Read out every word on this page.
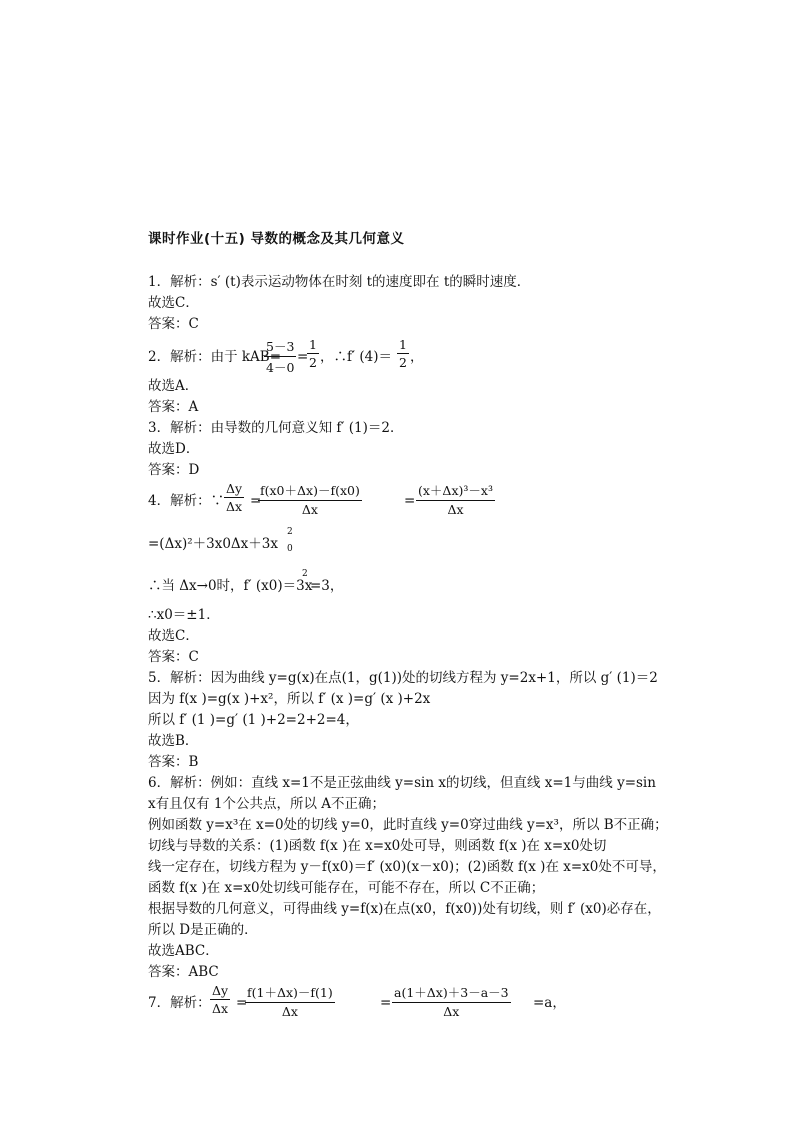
课时作业(十五) 导数的概念及其几何意义
1．解析：s′ (t)表示运动物体在时刻 t的速度即在 t的瞬时速度．
故选C．
答案：C
2．解析：由于 kAB=
5－3
4－0
=
1
2 ，∴f′ (4)＝
1
2 ，
故选A．
答案：A
3．解析：由导数的几何意义知 f′ (1)＝2．
故选D．
答案：D
4．解析：∵
Δy
Δx =
f(x0＋Δx)－f(x0)
Δx
=
(x＋Δx)³－x³
Δx
=(Δx)²＋3x0Δx＋3x
2
0
∴当 Δx→0时，f′ (x0)＝3x
2
=3，
∴x0＝±1．
故选C．
答案：C
5．解析：因为曲线 y=g(x)在点(1，g(1))处的切线方程为 y=2x+1，所以 g′ (1)＝2
因为 f(x )=g(x )+x²，所以 f′ (x )=g′ (x )+2x
所以 f′ (1 )=g′ (1 )+2=2+2=4，
故选B．
答案：B
6．解析：例如：直线 x=1不是正弦曲线 y=sin x的切线，但直线 x=1与曲线 y=sin
x有且仅有 1个公共点，所以 A不正确；
例如函数 y=x³在 x=0处的切线 y=0，此时直线 y=0穿过曲线 y=x³，所以 B不正确；
切线与导数的关系：(1)函数 f(x )在 x=x0处可导，则函数 f(x )在 x=x0处切
线一定存在，切线方程为 y－f(x0)＝f′ (x0)(x－x0)；(2)函数 f(x )在 x=x0处不可导，
函数 f(x )在 x=x0处切线可能存在，可能不存在，所以 C不正确；
根据导数的几何意义，可得曲线 y=f(x)在点(x0，f(x0))处有切线，则 f′ (x0)必存在，
所以 D是正确的．
故选ABC．
答案：ABC
7．解析：
Δy
Δx =
f(1＋Δx)－f(1)
Δx
=
a(1＋Δx)＋3－a－3
Δx
=a，
